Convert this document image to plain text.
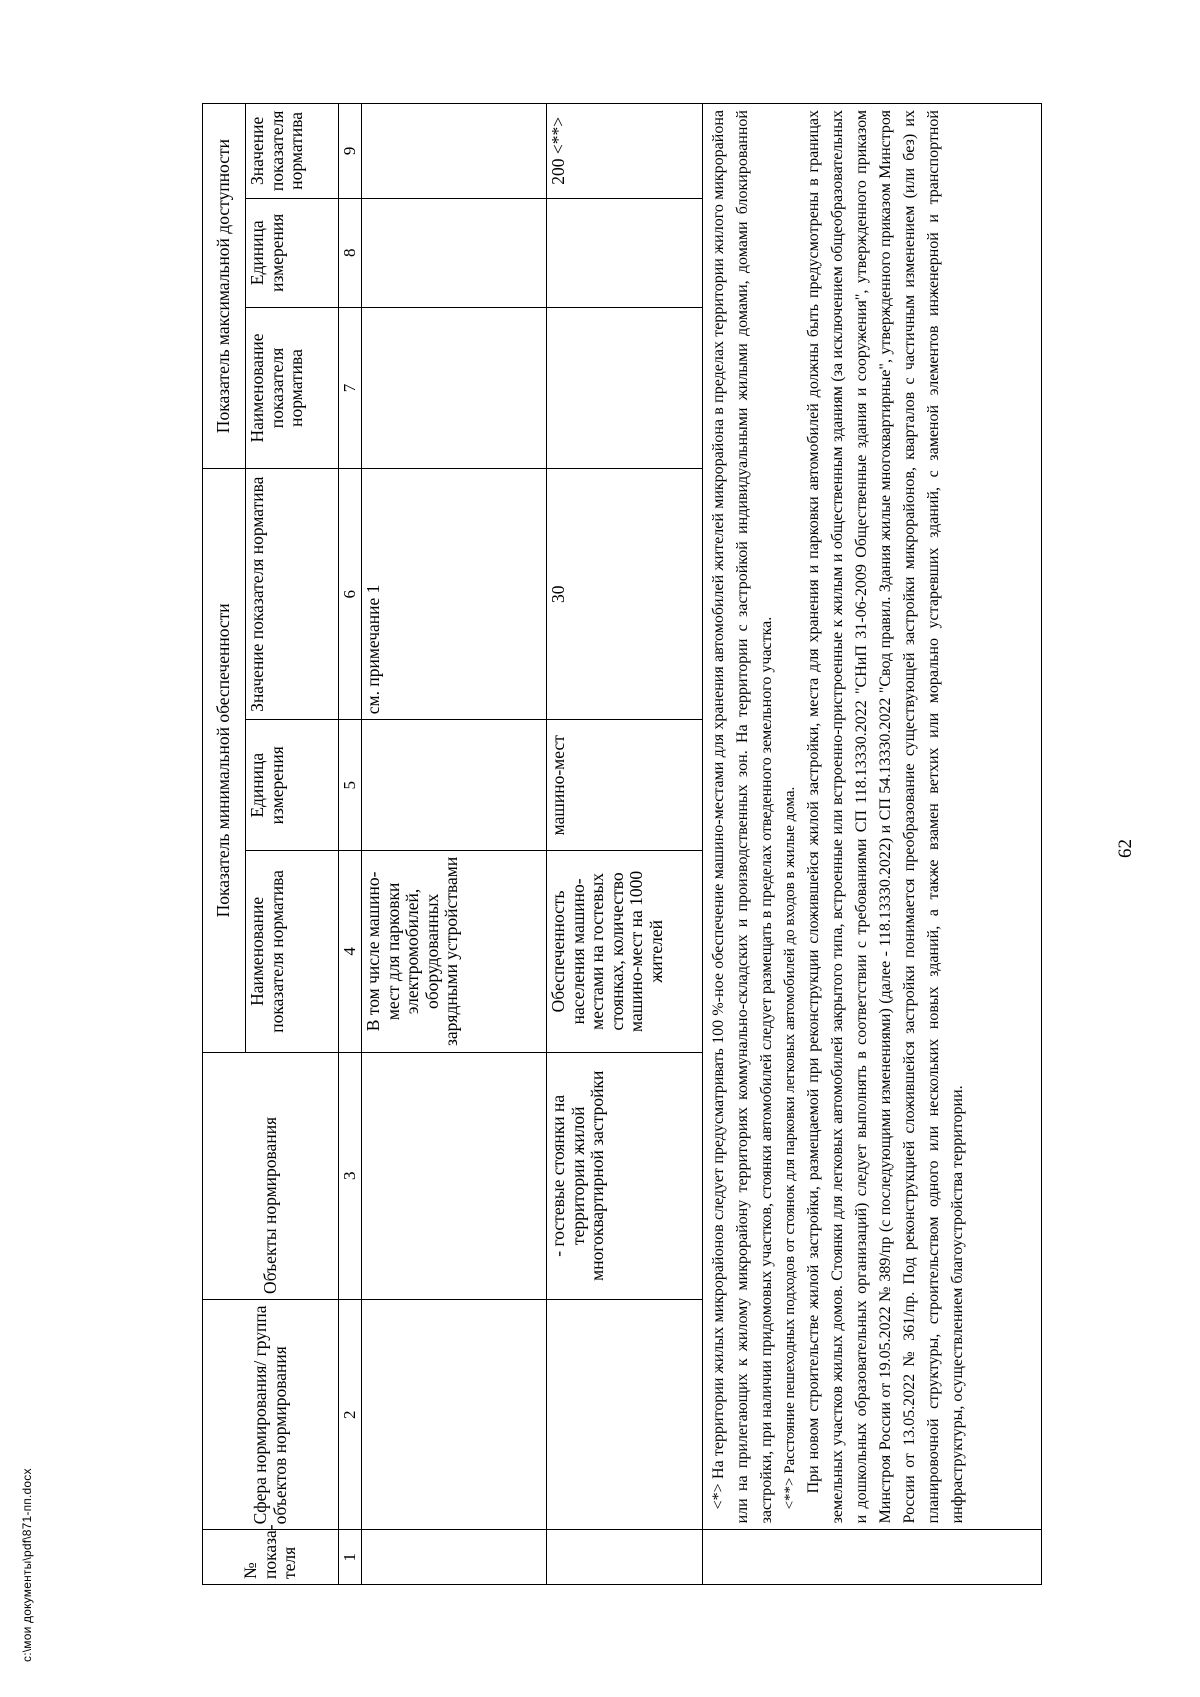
62
№ показа-теля	Сфера нормирования/ группа объектов нормирования	Объекты нормирования	Показатель минимальной обеспеченности			Показатель максимальной доступности		
			Наименование показателя норматива	Единица измерения	Значение показателя норматива	Наименование показателя норматива	Единица измерения	Значение показателя норматива
1	2	3	4	5	6	7	8	9
			В том числе машино-мест для парковки электромобилей, оборудованных зарядными устройствами		см. примечание 1			
		- гостевые стоянки на территории жилой многоквартирной застройки	Обеспеченность населения машино-местами на гостевых стоянках, количество машино-мест на 1000 жителей	машино-мест	30			200 <**>

	<*> На территории жилых микрорайонов следует предусматривать 100 %-ное обеспечение машино-местами для хранения автомобилей жителей микрорайона в пределах территории жилого микрорайона или на прилегающих к жилому микрорайону территориях коммунально-складских и производственных зон. На территории с застройкой индивидуальными жилыми домами, домами блокированной застройки, при наличии придомовых участков, стоянки автомобилей следует размещать в пределах отведенного земельного участка. <**> Расстояние пешеходных подходов от стоянок для парковки легковых автомобилей до входов в жилые дома. При новом строительстве жилой застройки, размещаемой при реконструкции сложившейся жилой застройки, места для хранения и парковки автомобилей должны быть предусмотрены в границах земельных участков жилых домов. Стоянки для легковых автомобилей закрытого типа, встроенные или встроенно-пристроенные к жилым и общественным зданиям (за исключением общеобразовательных и дошкольных образовательных организаций) следует выполнять в соответствии с требованиями СП 118.13330.2022 "СНиП 31-06-2009 Общественные здания и сооружения", утвержденного приказом Минстроя России от 19.05.2022 № 389/пр (с последующими изменениями) (далее - 118.13330.2022) и СП 54.13330.2022 "Свод правил. Здания жилые многоквартирные", утвержденного приказом Минстроя России от 13.05.2022 № 361/пр. Под реконструкцией сложившейся застройки понимается преобразование существующей застройки микрорайонов, кварталов с частичным изменением (или без) их планировочной структуры, строительством одного или нескольких новых зданий, а также взамен ветхих или морально устаревших зданий, с заменой элементов инженерной и транспортной инфраструктуры, осуществлением благоустройства территории.							

c:\мои документы\pdf\871-пп.docx
